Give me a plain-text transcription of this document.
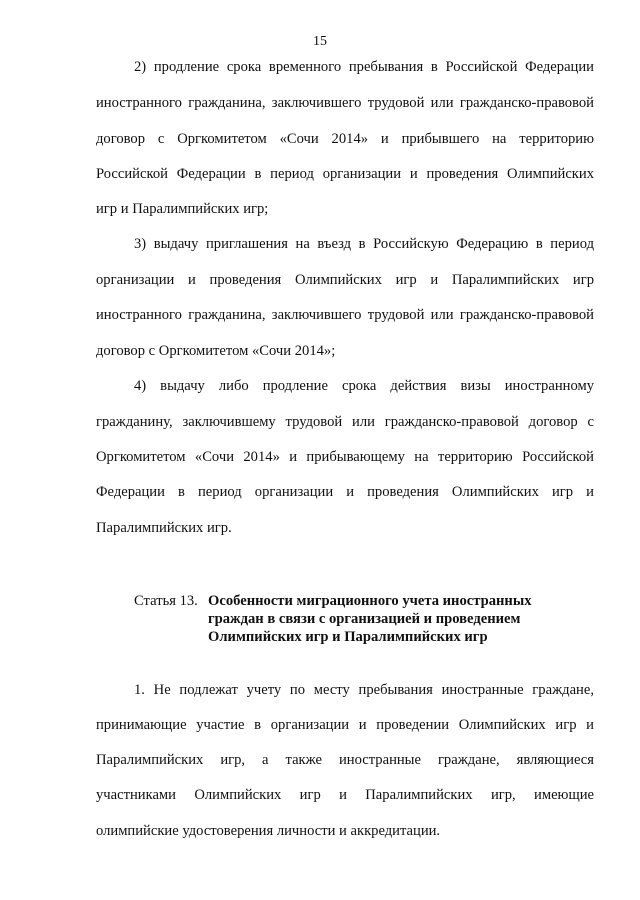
15
2) продление срока временного пребывания в Российской Федерации
иностранного гражданина, заключившего трудовой или гражданско-правовой
договор с Оргкомитетом «Сочи 2014» и прибывшего на территорию
Российской Федерации в период организации и проведения Олимпийских
игр и Паралимпийских игр;
3) выдачу приглашения на въезд в Российскую Федерацию в период
организации и проведения Олимпийских игр и Паралимпийских игр
иностранного гражданина, заключившего трудовой или гражданско-правовой
договор с Оргкомитетом «Сочи 2014»;
4) выдачу либо продление срока действия визы иностранному
гражданину, заключившему трудовой или гражданско-правовой договор с
Оргкомитетом «Сочи 2014» и прибывающему на территорию Российской
Федерации в период организации и проведения Олимпийских игр и
Паралимпийских игр.
Статья 13. Особенности миграционного учета иностранных
граждан в связи с организацией и проведением
Олимпийских игр и Паралимпийских игр
1. Не подлежат учету по месту пребывания иностранные граждане,
принимающие участие в организации и проведении Олимпийских игр и
Паралимпийских игр, а также иностранные граждане, являющиеся
участниками Олимпийских игр и Паралимпийских игр, имеющие
олимпийские удостоверения личности и аккредитации.
